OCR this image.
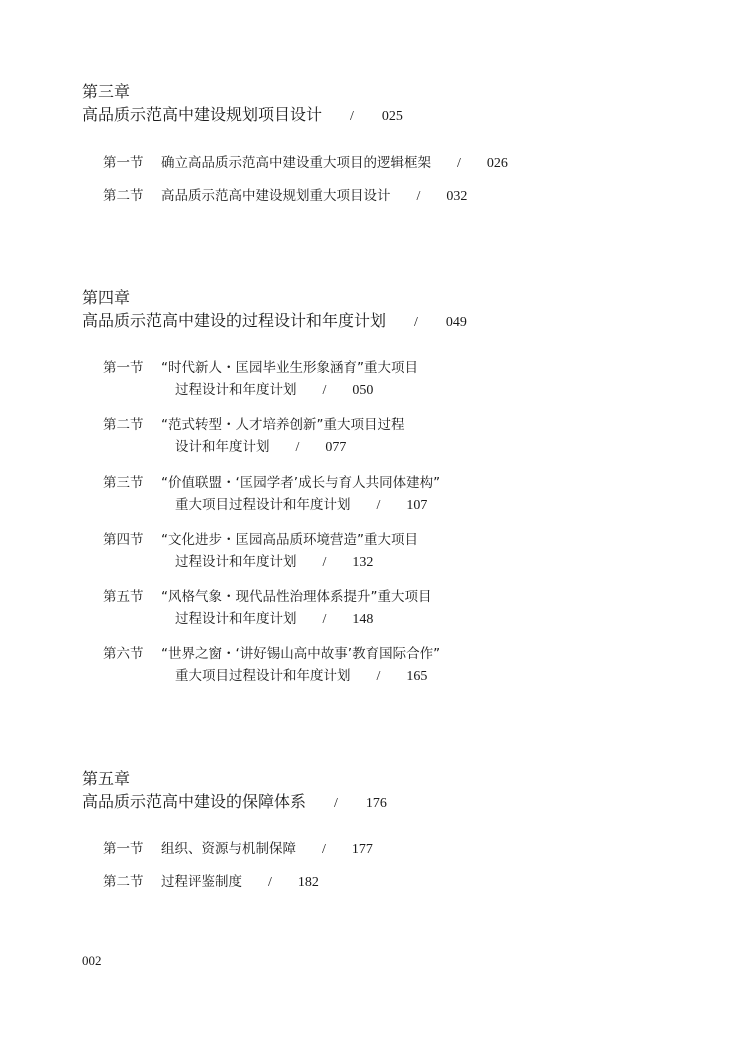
第三章
高品质示范高中建设规划项目设计 / 025
第一节 确立高品质示范高中建设重大项目的逻辑框架 / 026
第二节 高品质示范高中建设规划重大项目设计 / 032
第四章
高品质示范高中建设的过程设计和年度计划 / 049
第一节 “时代新人・匡园毕业生形象涵育”重大项目
过程设计和年度计划 / 050
第二节 “范式转型・人才培养创新”重大项目过程
设计和年度计划 / 077
第三节 “价值联盟・‘匡园学者’成长与育人共同体建构”
重大项目过程设计和年度计划 / 107
第四节 “文化进步・匡园高品质环境营造”重大项目
过程设计和年度计划 / 132
第五节 “风格气象・现代品性治理体系提升”重大项目
过程设计和年度计划 / 148
第六节 “世界之窗・‘讲好锡山高中故事’教育国际合作”
重大项目过程设计和年度计划 / 165
第五章
高品质示范高中建设的保障体系 / 176
第一节 组织、资源与机制保障 / 177
第二节 过程评鉴制度 / 182
002
